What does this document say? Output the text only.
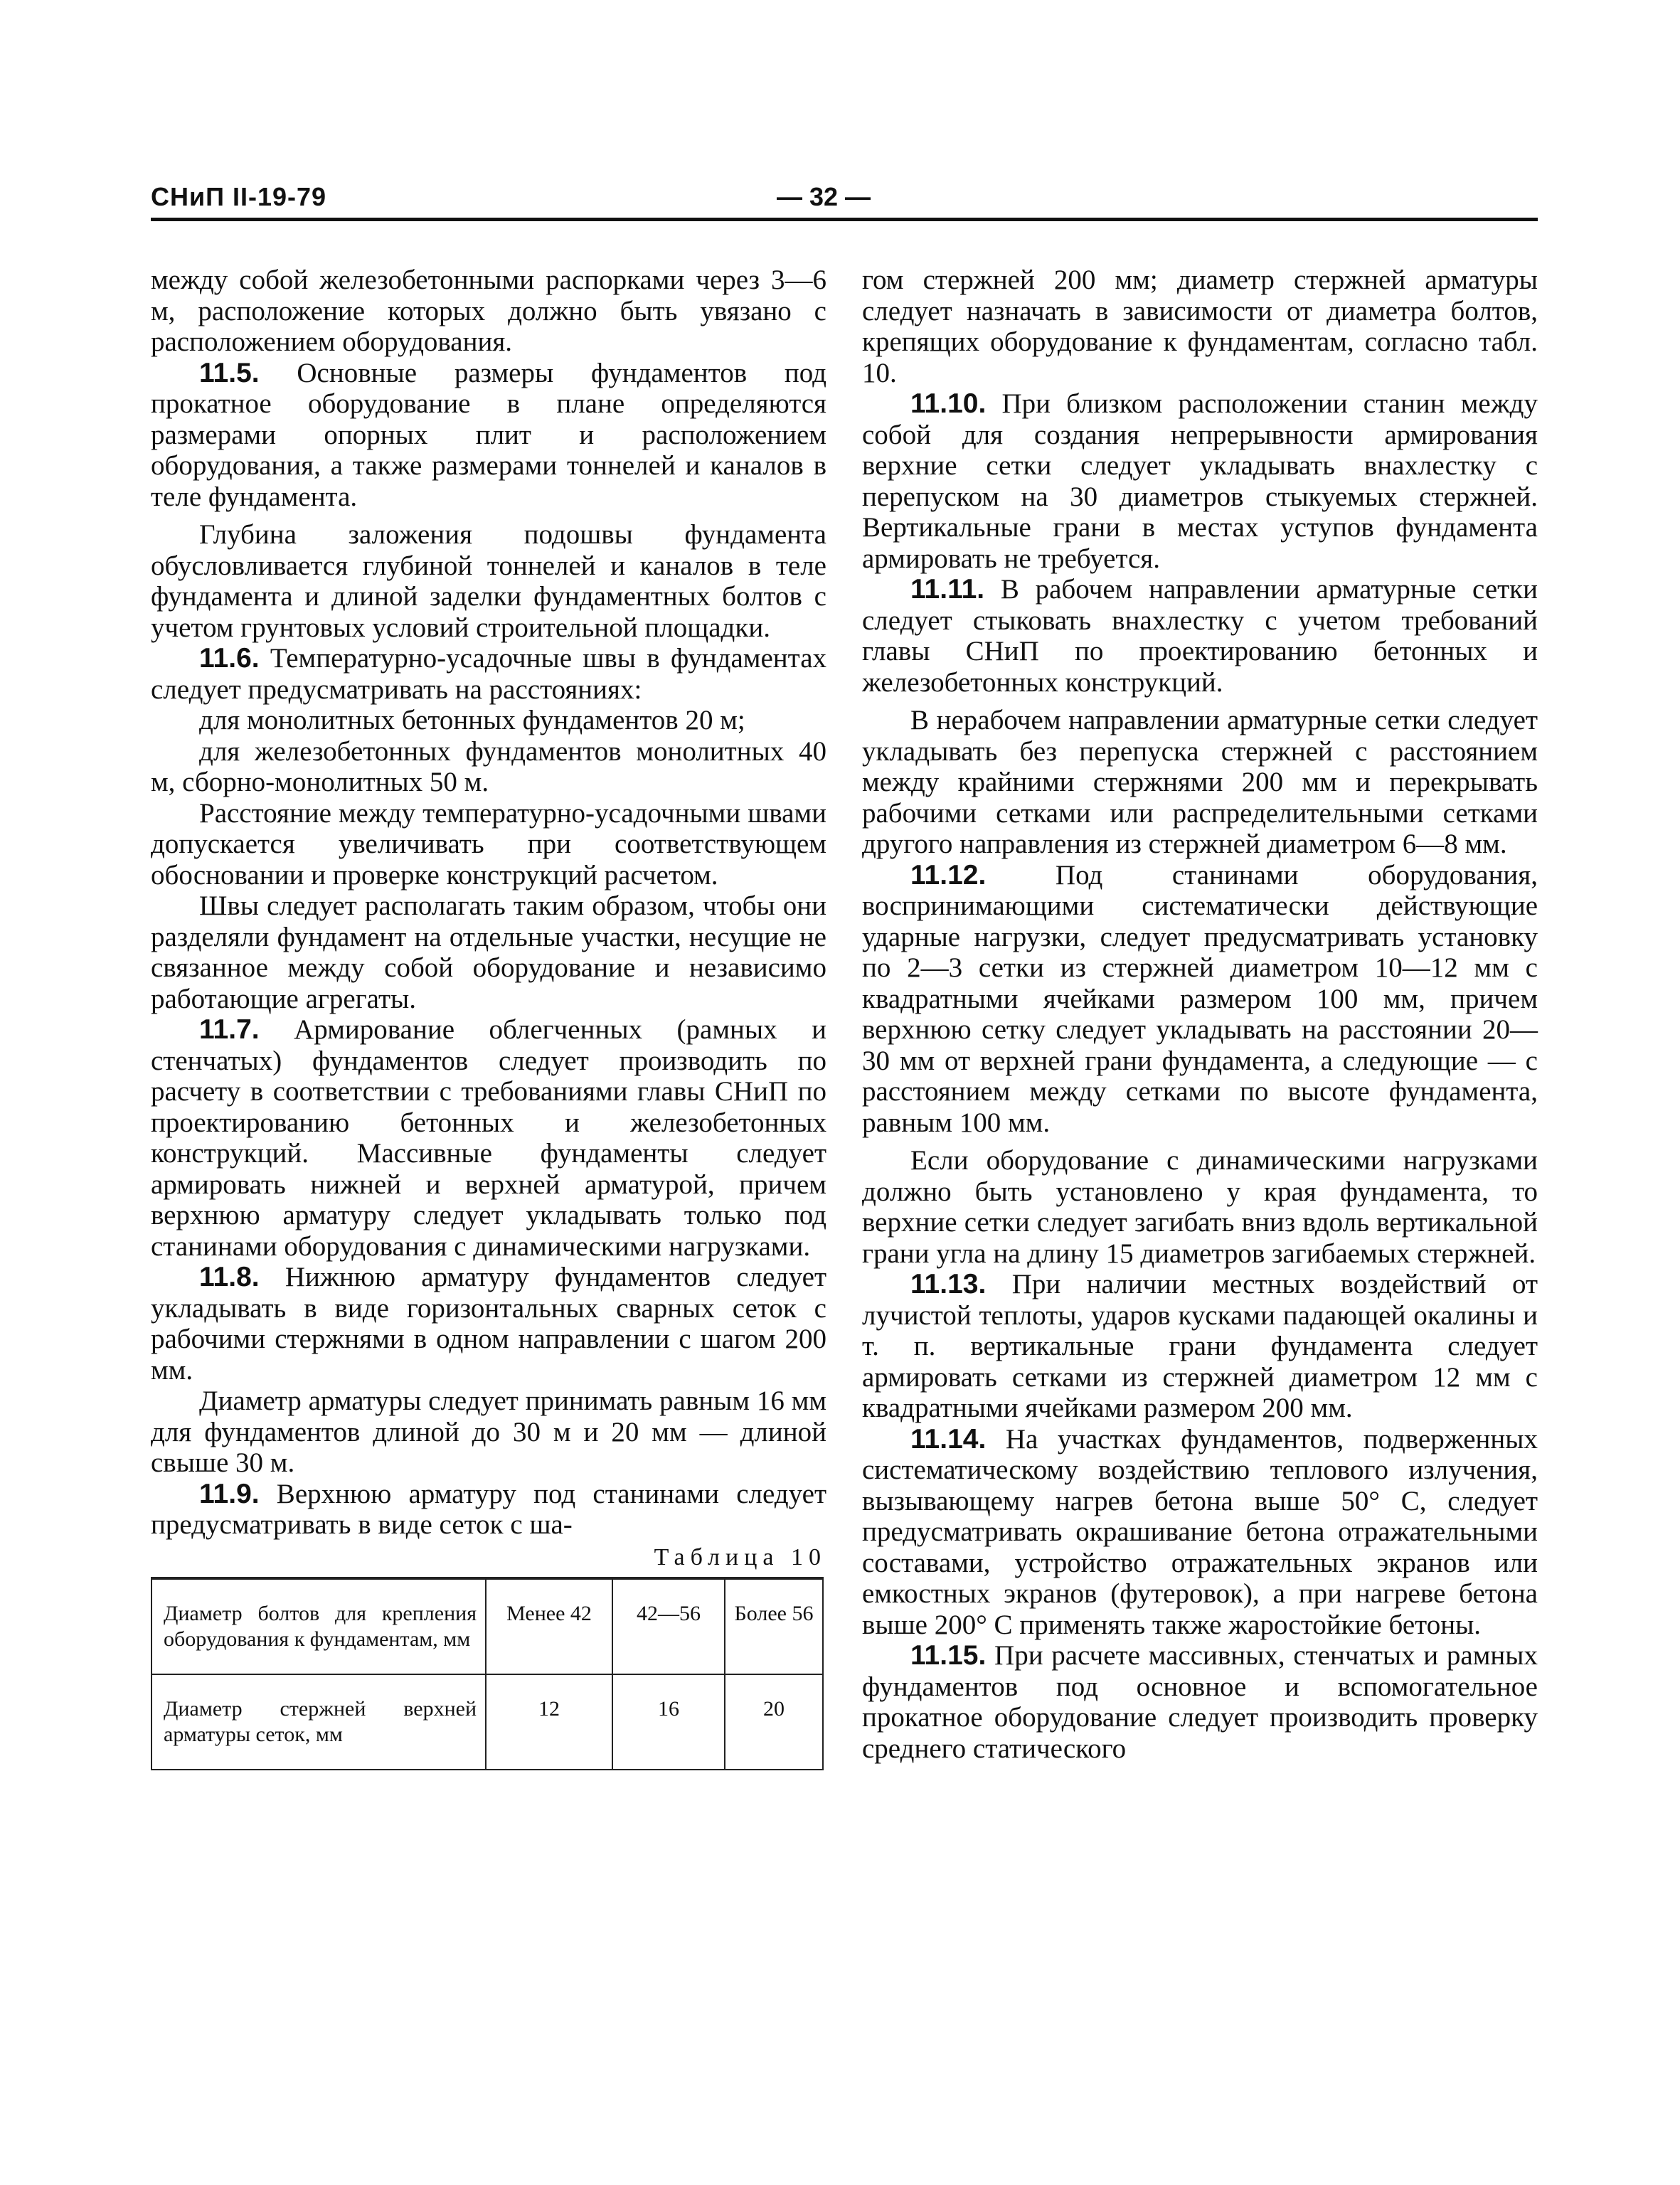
СНиП II-19-79	— 32 —

между собой железобетонными распорками через 3—6 м, расположение которых должно быть увязано с расположением оборудования.

11.5. Основные размеры фундаментов под прокатное оборудование в плане определяются размерами опорных плит и расположением оборудования, а также размерами тоннелей и каналов в теле фундамента.

Глубина заложения подошвы фундамента обусловливается глубиной тоннелей и каналов в теле фундамента и длиной заделки фундаментных болтов с учетом грунтовых условий строительной площадки.

11.6. Температурно-усадочные швы в фундаментах следует предусматривать на расстояниях:

для монолитных бетонных фундаментов 20 м;

для железобетонных фундаментов монолитных 40 м, сборно-монолитных 50 м.

Расстояние между температурно-усадочными швами допускается увеличивать при соответствующем обосновании и проверке конструкций расчетом.

Швы следует располагать таким образом, чтобы они разделяли фундамент на отдельные участки, несущие не связанное между собой оборудование и независимо работающие агрегаты.

11.7. Армирование облегченных (рамных и стенчатых) фундаментов следует производить по расчету в соответствии с требованиями главы СНиП по проектированию бетонных и железобетонных конструкций. Массивные фундаменты следует армировать нижней и верхней арматурой, причем верхнюю арматуру следует укладывать только под станинами оборудования с динамическими нагрузками.

11.8. Нижнюю арматуру фундаментов следует укладывать в виде горизонтальных сварных сеток с рабочими стержнями в одном направлении с шагом 200 мм.

Диаметр арматуры следует принимать равным 16 мм для фундаментов длиной до 30 м и 20 мм — длиной свыше 30 м.

11.9. Верхнюю арматуру под станинами следует предусматривать в виде сеток с ша-

Таблица 10
Диаметр болтов для крепления оборудования к фундаментам, мм	Менее 42	42—56	Более 56
Диаметр стержней верхней арматуры сеток, мм	12	16	20

гом стержней 200 мм; диаметр стержней арматуры следует назначать в зависимости от диаметра болтов, крепящих оборудование к фундаментам, согласно табл. 10.

11.10. При близком расположении станин между собой для создания непрерывности армирования верхние сетки следует укладывать внахлестку с перепуском на 30 диаметров стыкуемых стержней. Вертикальные грани в местах уступов фундамента армировать не требуется.

11.11. В рабочем направлении арматурные сетки следует стыковать внахлестку с учетом требований главы СНиП по проектированию бетонных и железобетонных конструкций.

В нерабочем направлении арматурные сетки следует укладывать без перепуска стержней с расстоянием между крайними стержнями 200 мм и перекрывать рабочими сетками или распределительными сетками другого направления из стержней диаметром 6—8 мм.

11.12. Под станинами оборудования, воспринимающими систематически действующие ударные нагрузки, следует предусматривать установку по 2—3 сетки из стержней диаметром 10—12 мм с квадратными ячейками размером 100 мм, причем верхнюю сетку следует укладывать на расстоянии 20—30 мм от верхней грани фундамента, а следующие — с расстоянием между сетками по высоте фундамента, равным 100 мм.

Если оборудование с динамическими нагрузками должно быть установлено у края фундамента, то верхние сетки следует загибать вниз вдоль вертикальной грани угла на длину 15 диаметров загибаемых стержней.

11.13. При наличии местных воздействий от лучистой теплоты, ударов кусками падающей окалины и т. п. вертикальные грани фундамента следует армировать сетками из стержней диаметром 12 мм с квадратными ячейками размером 200 мм.

11.14. На участках фундаментов, подверженных систематическому воздействию теплового излучения, вызывающему нагрев бетона выше 50° С, следует предусматривать окрашивание бетона отражательными составами, устройство отражательных экранов или емкостных экранов (футеровок), а при нагреве бетона выше 200° С применять также жаростойкие бетоны.

11.15. При расчете массивных, стенчатых и рамных фундаментов под основное и вспомогательное прокатное оборудование следует производить проверку среднего статического
